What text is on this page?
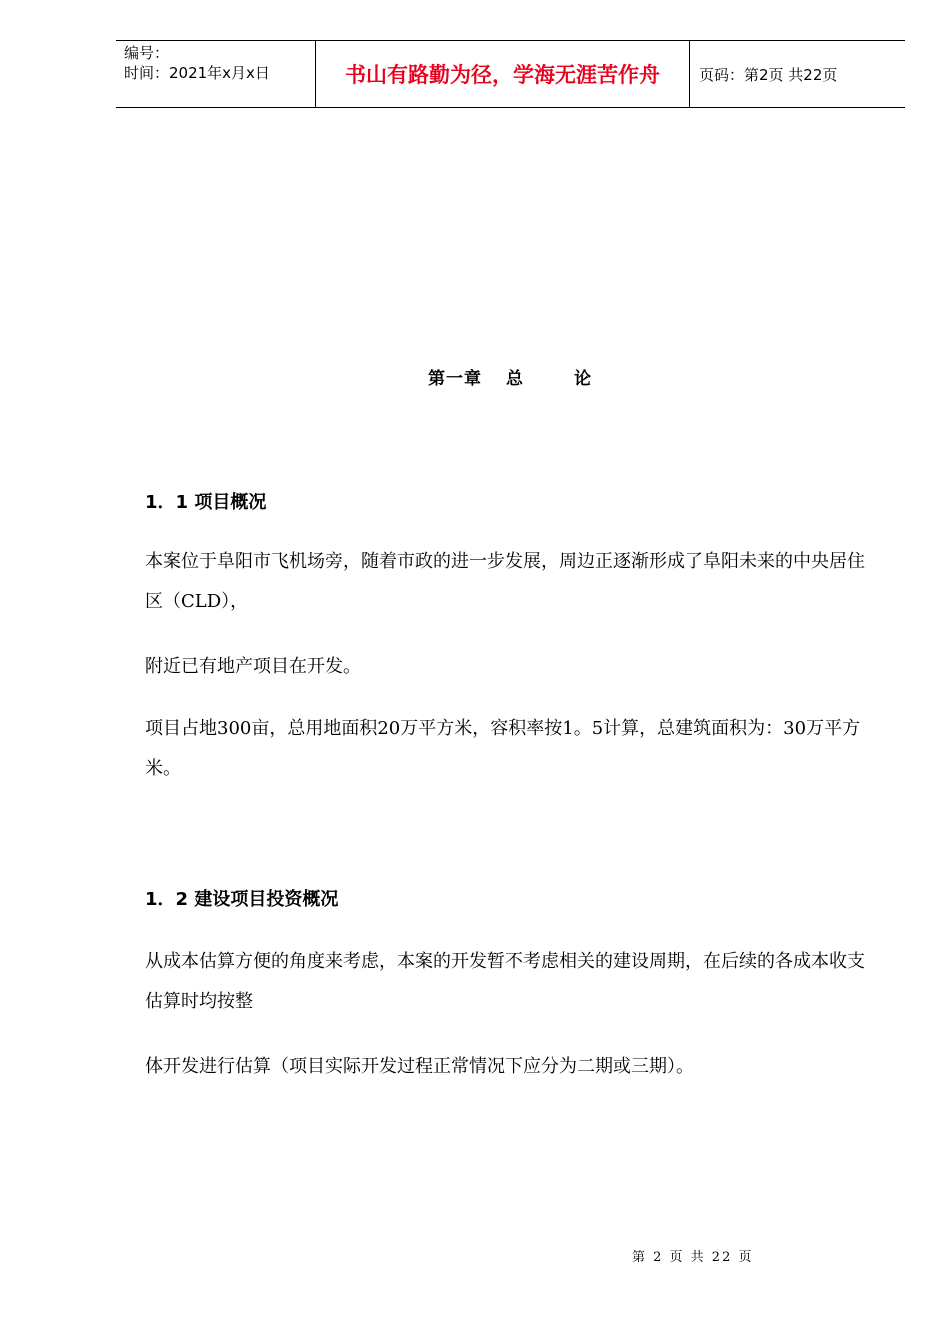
编号：
时间：2021年x月x日	书山有路勤为径，学海无涯苦作舟	页码：第2页 共22页
第一章 总	论
1．1 项目概况
本案位于阜阳市飞机场旁，随着市政的进一步发展，周边正逐渐形成了阜阳未来的中央居住区（CLD），
附近已有地产项目在开发。
项目占地300亩，总用地面积20万平方米，容积率按1。5计算，总建筑面积为：30万平方米。
1．2 建设项目投资概况
从成本估算方便的角度来考虑，本案的开发暂不考虑相关的建设周期，在后续的各成本收支估算时均按整
体开发进行估算（项目实际开发过程正常情况下应分为二期或三期）。
第 2 页 共 22 页
